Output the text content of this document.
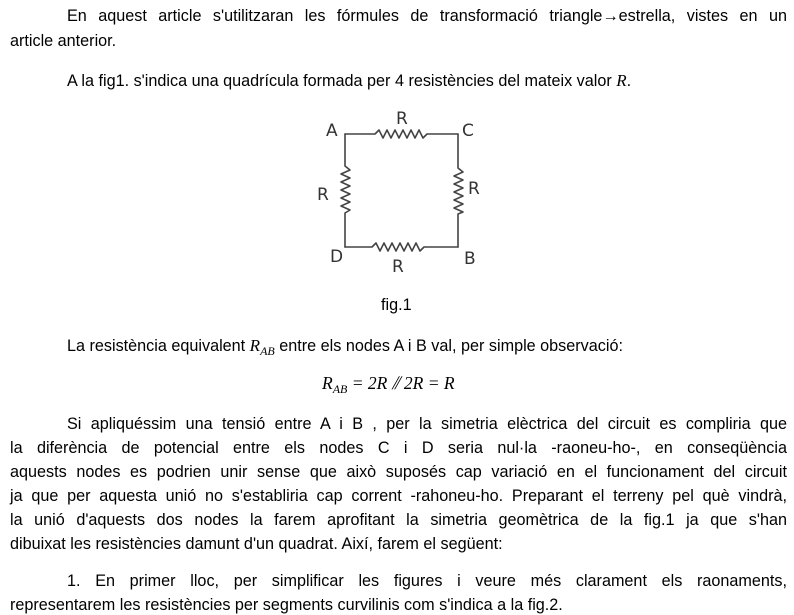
En aquest article s'utilitzaran les fórmules de transformació triangle→estrella, vistes en un
article anterior.
A la fig1. s'indica una quadrícula formada per 4 resistències del mateix valor R.
A	C
D	B
R
R
R
R
fig.1
La resistència equivalent $R_{AB}$ entre els nodes A i B val, per simple observació:
$R_{AB} = 2R$ ⫽ 2R = R
Si apliquéssim una tensió entre A i B , per la simetria elèctrica del circuit es compliria que
la diferència de potencial entre els nodes C i D seria nul·la -raoneu-ho-, en conseqüència
aquests nodes es podrien unir sense que això suposés cap variació en el funcionament del circuit
ja que per aquesta unió no s'establiria cap corrent -rahoneu-ho. Preparant el terreny pel què vindrà,
la unió d'aquests dos nodes la farem aprofitant la simetria geomètrica de la fig.1 ja que s'han
dibuixat les resistències damunt d'un quadrat. Així, farem el següent:
1. En primer lloc, per simplificar les figures i veure més clarament els raonaments,
representarem les resistències per segments curvilinis com s'indica a la fig.2.
